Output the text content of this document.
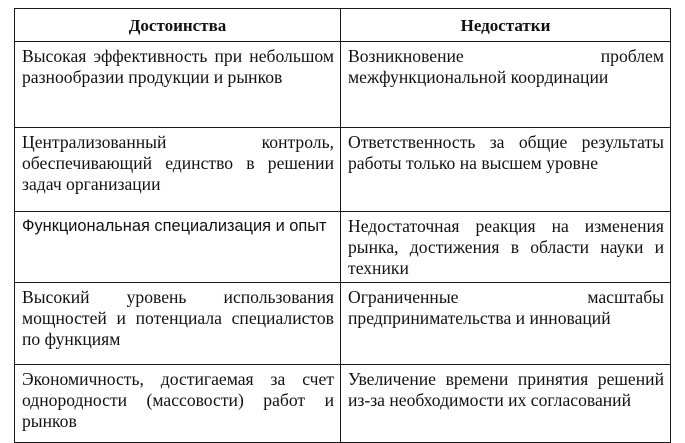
Достоинства	Недостатки
Высокая эффективность при небольшом разнообразии продукции и рынков	Возникновение проблем межфункциональной координации
Централизованный контроль, обеспечивающий единство в решении задач организации	Ответственность за общие результаты работы только на высшем уровне
Функциональная специализация и опыт	Недостаточная реакция на изменения рынка, достижения в области науки и техники
Высокий уровень использования мощностей и потенциала специалистов по функциям	Ограниченные масштабы предпринимательства и инноваций
Экономичность, достигаемая за счет однородности (массовости) работ и рынков	Увеличение времени принятия решений из-за необходимости их согласований
